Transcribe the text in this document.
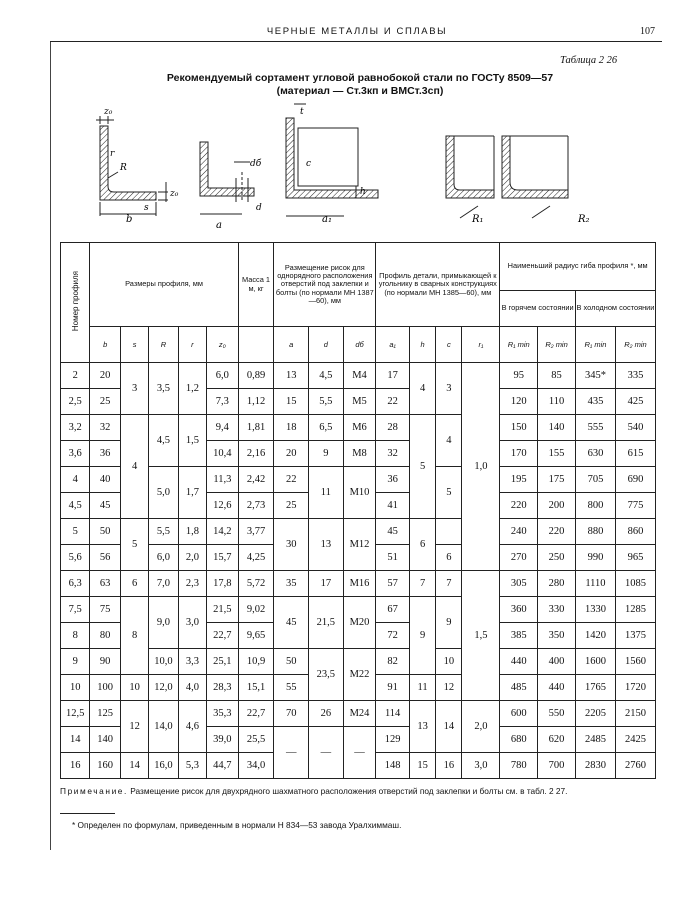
ЧЕРНЫЕ МЕТАЛЛЫ И СПЛАВЫ	107
Таблица 2 26
Рекомендуемый сортамент угловой равнобокой стали по ГОСТу 8509—57
(материал — Ст.3кп и ВМСт.3сп)
z₀
r
R
s
b
z₀
dб
d
a
t
c
h
a₁	R₁	R₂
Номер профиля	Размеры профиля, мм					Масса 1 м, кг	Размещение рисок для однорядного расположения отверстий под заклепки и болты (по нормали МН 1387—60), мм			Профиль детали, примыкающей к угольнику в сварных конструкциях (по нормали МН 1385—60), мм				Наименьший радиус гиба профиля *, мм			
														В горячем состоянии		В холодном состоянии	
	b	s	R	r	z₀		a	d	dб	a₁	h	c	r₁	R₁ min	R₂ min	R₁ min	R₂ min
2	20	3	3,5	1,2	6,0	0,89	13	4,5	М4	17	4	3	1,0	95	85	345*	335
2,5	25				7,3	1,12	15	5,5	М5	22				120	110	435	425
3,2	32	4	4,5	1,5	9,4	1,81	18	6,5	М6	28	5	4		150	140	555	540
3,6	36				10,4	2,16	20	9	М8	32				170	155	630	615
4	40		5,0	1,7	11,3	2,42	22	11	М10	36		5		195	175	705	690
4,5	45				12,6	2,73	25			41				220	200	800	775
5	50	5	5,5	1,8	14,2	3,77	30	13	М12	45	6			240	220	880	860
5,6	56		6,0	2,0	15,7	4,25				51		6		270	250	990	965
6,3	63	6	7,0	2,3	17,8	5,72	35	17	М16	57	7	7	1,5	305	280	1110	1085
7,5	75	8	9,0	3,0	21,5	9,02	45	21,5	М20	67	9	9		360	330	1330	1285
8	80				22,7	9,65				72				385	350	1420	1375
9	90		10,0	3,3	25,1	10,9	50	23,5	М22	82		10		440	400	1600	1560
10	100	10	12,0	4,0	28,3	15,1	55			91	11	12		485	440	1765	1720
12,5	125	12	14,0	4,6	35,3	22,7	70	26	М24	114	13	14	2,0	600	550	2205	2150
14	140				39,0	25,5	—	—	—	129				680	620	2485	2425
16	160	14	16,0	5,3	44,7	34,0				148	15	16	3,0	780	700	2830	2760
Примечание. Размещение рисок для двухрядного шахматного расположения отверстий под заклепки и болты см. в табл. 2 27.
* Определен по формулам, приведенным в нормали Н 834—53 завода Уралхиммаш.
